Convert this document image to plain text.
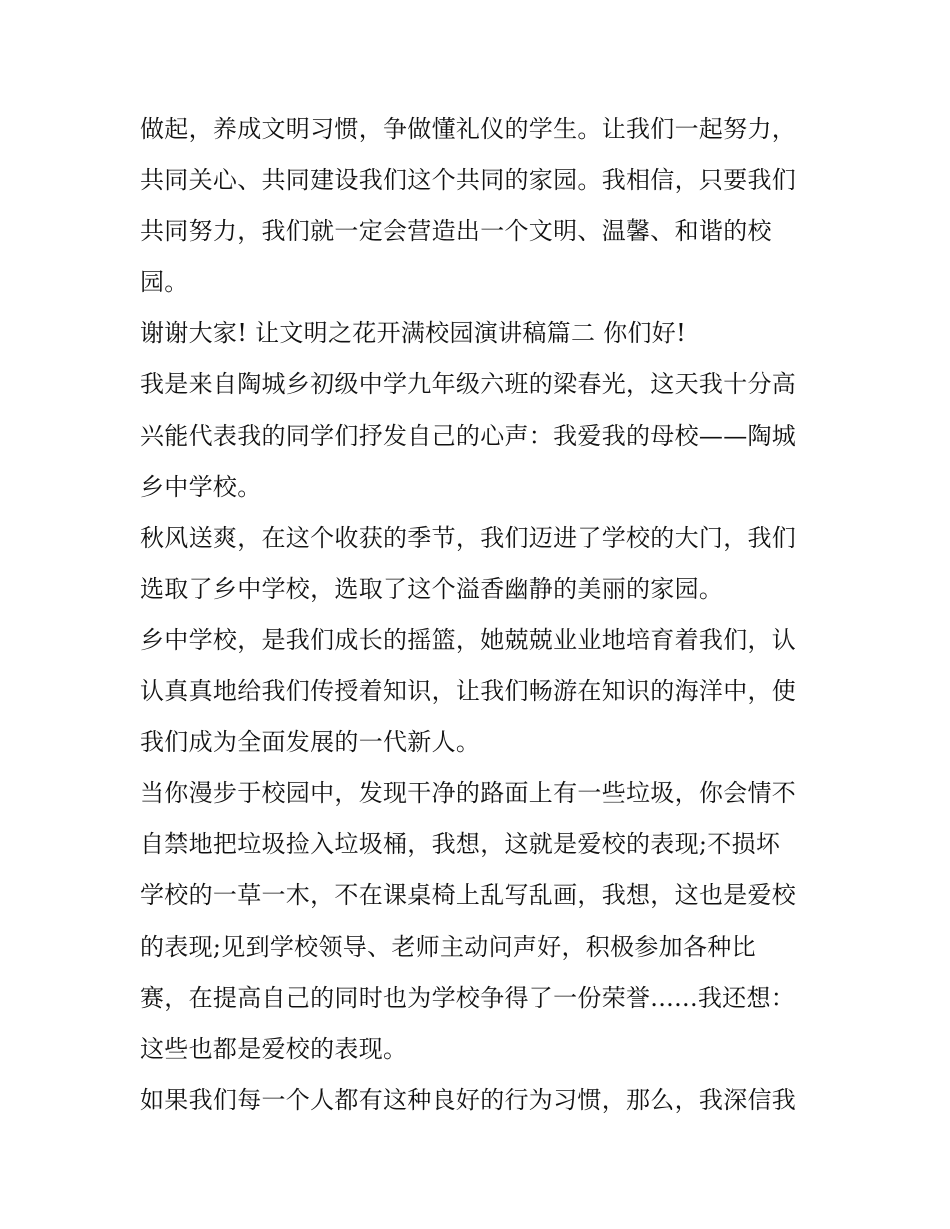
做起，养成文明习惯，争做懂礼仪的学生。让我们一起努力，
共同关心、共同建设我们这个共同的家园。我相信，只要我们
共同努力，我们就一定会营造出一个文明、温馨、和谐的校
园。
谢谢大家! 让文明之花开满校园演讲稿篇二 你们好!
我是来自陶城乡初级中学九年级六班的梁春光，这天我十分高
兴能代表我的同学们抒发自己的心声：我爱我的母校——陶城
乡中学校。
秋风送爽，在这个收获的季节，我们迈进了学校的大门，我们
选取了乡中学校，选取了这个溢香幽静的美丽的家园。
乡中学校，是我们成长的摇篮，她兢兢业业地培育着我们，认
认真真地给我们传授着知识，让我们畅游在知识的海洋中，使
我们成为全面发展的一代新人。
当你漫步于校园中，发现干净的路面上有一些垃圾，你会情不
自禁地把垃圾捡入垃圾桶，我想，这就是爱校的表现;不损坏
学校的一草一木，不在课桌椅上乱写乱画，我想，这也是爱校
的表现;见到学校领导、老师主动问声好，积极参加各种比
赛，在提高自己的同时也为学校争得了一份荣誉......我还想：
这些也都是爱校的表现。
如果我们每一个人都有这种良好的行为习惯，那么，我深信我
